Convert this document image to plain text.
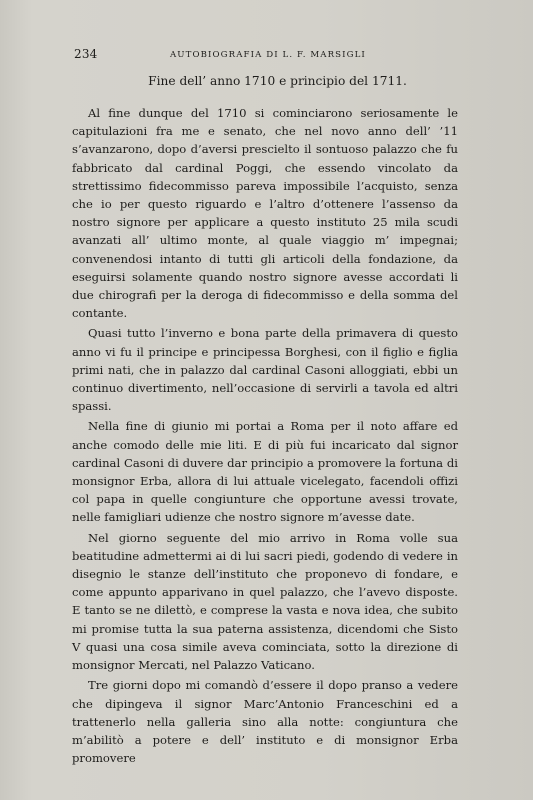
234	AUTOBIOGRAFIA DI L. F. MARSIGLI
Fine dell’ anno 1710 e principio del 1711.

Al fine dunque del 1710 si cominciarono seriosamente le capitulazioni fra me e senato, che nel novo anno dell’ ’11 s’avanzarono, dopo d’aversi prescielto il sontuoso palazzo che fu fabbricato dal cardinal Poggi, che essendo vincolato da strettissimo fidecommisso pareva impossibile l’acquisto, senza che io per questo riguardo e l’altro d’ottenere l’assenso da nostro signore per applicare a questo instituto 25 mila scudi avanzati all’ ultimo monte, al quale viaggio m’ impegnai; convenendosi intanto di tutti gli articoli della fondazione, da eseguirsi solamente quando nostro signore avesse accordati li due chirografi per la deroga di fidecommisso e della somma del contante.

Quasi tutto l’inverno e bona parte della primavera di questo anno vi fu il principe e principessa Borghesi, con il figlio e figlia primi nati, che in palazzo dal cardinal Casoni alloggiati, ebbi un continuo divertimento, nell’occasione di servirli a tavola ed altri spassi.

Nella fine di giunio mi portai a Roma per il noto affare ed anche comodo delle mie liti. E di più fui incaricato dal signor cardinal Casoni di duvere dar principio a promovere la fortuna di monsignor Erba, allora di lui attuale vicelegato, facendoli offizi col papa in quelle congiunture che opportune avessi trovate, nelle famigliari udienze che nostro signore m’avesse date.

Nel giorno seguente del mio arrivo in Roma volle sua beatitudine admettermi ai di lui sacri piedi, godendo di vedere in disegnio le stanze dell’instituto che proponevo di fondare, e come appunto apparivano in quel palazzo, che l’avevo disposte. E tanto se ne dilettò, e comprese la vasta e nova idea, che subito mi promise tutta la sua paterna assistenza, dicendomi che Sisto V quasi una cosa simile aveva cominciata, sotto la direzione di monsignor Mercati, nel Palazzo Vaticano.

Tre giorni dopo mi comandò d’essere il dopo pranso a vedere che dipingeva il signor Marc’Antonio Franceschini ed a trattenerlo nella galleria sino alla notte: congiuntura che m’abilitò a potere e dell’ instituto e di monsignor Erba promovere
